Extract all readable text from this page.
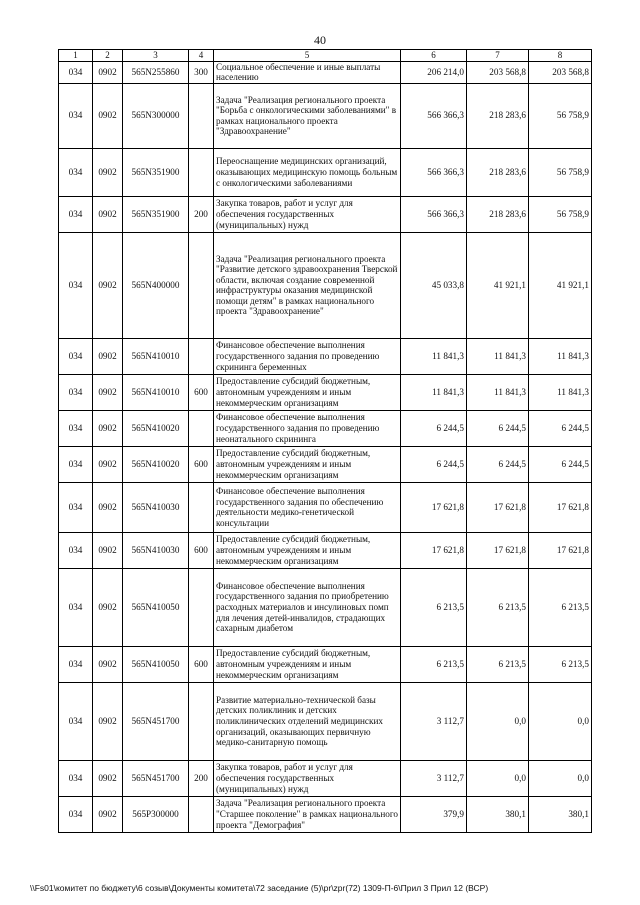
40
1	2	3	4	5	6	7	8
034	0902	565N255860	300	Социальное обеспечение и иные выплаты населению	206 214,0	203 568,8	203 568,8
034	0902	565N300000		Задача "Реализация регионального проекта "Борьба с онкологическими заболеваниями" в рамках национального проекта "Здравоохранение"	566 366,3	218 283,6	56 758,9
034	0902	565N351900		Переоснащение медицинских организаций, оказывающих медицинскую помощь больным с онкологическими заболеваниями	566 366,3	218 283,6	56 758,9
034	0902	565N351900	200	Закупка товаров, работ и услуг для обеспечения государственных (муниципальных) нужд	566 366,3	218 283,6	56 758,9
034	0902	565N400000		Задача "Реализация регионального проекта "Развитие детского здравоохранения Тверской области, включая создание современной инфраструктуры оказания медицинской помощи детям" в рамках национального проекта "Здравоохранение"	45 033,8	41 921,1	41 921,1
034	0902	565N410010		Финансовое обеспечение выполнения государственного задания по проведению скрининга беременных	11 841,3	11 841,3	11 841,3
034	0902	565N410010	600	Предоставление субсидий бюджетным, автономным учреждениям и иным некоммерческим организациям	11 841,3	11 841,3	11 841,3
034	0902	565N410020		Финансовое обеспечение выполнения государственного задания по проведению неонатального скрининга	6 244,5	6 244,5	6 244,5
034	0902	565N410020	600	Предоставление субсидий бюджетным, автономным учреждениям и иным некоммерческим организациям	6 244,5	6 244,5	6 244,5
034	0902	565N410030		Финансовое обеспечение выполнения государственного задания по обеспечению деятельности медико-генетической консультации	17 621,8	17 621,8	17 621,8
034	0902	565N410030	600	Предоставление субсидий бюджетным, автономным учреждениям и иным некоммерческим организациям	17 621,8	17 621,8	17 621,8
034	0902	565N410050		Финансовое обеспечение выполнения государственного задания по приобретению расходных материалов и инсулиновых помп для лечения детей-инвалидов, страдающих сахарным диабетом	6 213,5	6 213,5	6 213,5
034	0902	565N410050	600	Предоставление субсидий бюджетным, автономным учреждениям и иным некоммерческим организациям	6 213,5	6 213,5	6 213,5
034	0902	565N451700		Развитие материально-технической базы детских поликлиник и детских поликлинических отделений медицинских организаций, оказывающих первичную медико-санитарную помощь	3 112,7	0,0	0,0
034	0902	565N451700	200	Закупка товаров, работ и услуг для обеспечения государственных (муниципальных) нужд	3 112,7	0,0	0,0
034	0902	565P300000		Задача "Реализация регионального проекта "Старшее поколение" в рамках национального проекта "Демография"	379,9	380,1	380,1
\\Fs01\комитет по бюджету\6 созыв\Документы комитета\72 заседание (5)\pr\zpr(72) 1309-П-6\Прил 3 Прил 12 (ВСР)
